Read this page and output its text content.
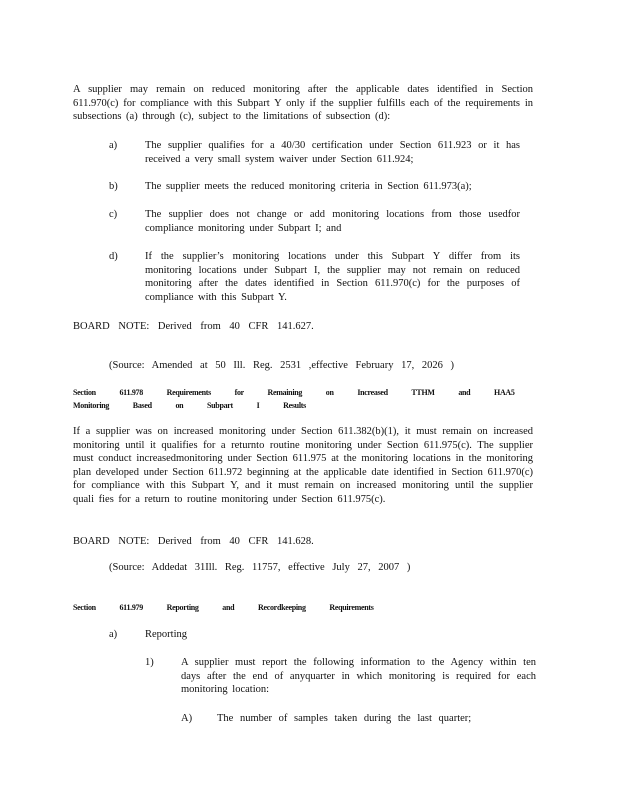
A supplier may remain on reduced monitoring after the applicable dates identified in Section 611.970(c) for compliance with this Subpart Y only if the supplier fulfills each of the requirements in subsections (a) through (c), subject to the limitations of subsection (d):

a)	The supplier qualifies for a 40/30 certification under Section 611.923 or it has received a very small system waiver under Section 611.924;

b)	The supplier meets the reduced monitoring criteria in Section 611.973(a);

c)	The supplier does not change or add monitoring locations from those usedfor compliance monitoring under Subpart I; and

d)	If the supplier’s monitoring locations under this Subpart Y differ from its monitoring locations under Subpart I, the supplier may not remain on reduced monitoring after the dates identified in Section 611.970(c) for the purposes of compliance with this Subpart Y.

BOARD NOTE: Derived from 40 CFR 141.627.

(Source: Amended at 50 Ill. Reg. 2531 ,effective February 17, 2026 )

Section 611.978 Requirements for Remaining on Increased TTHM and HAA5 Monitoring Based on Subpart I Results

If a supplier was on increased monitoring under Section 611.382(b)(1), it must remain on increased monitoring until it qualifies for a returnto routine monitoring under Section 611.975(c). The supplier must conduct increasedmonitoring under Section 611.975 at the monitoring locations in the monitoring plan developed under Section 611.972 beginning at the applicable date identified in Section 611.970(c) for compliance with this Subpart Y, and it must remain on increased monitoring until the supplier quali fies for a return to routine monitoring under Section 611.975(c).

BOARD NOTE: Derived from 40 CFR 141.628.

(Source: Addedat 31Ill. Reg. 11757, effective July 27, 2007 )

Section 611.979 Reporting and Recordkeeping Requirements

a)	Reporting
1)	A supplier must report the following information to the Agency within ten days after the end of anyquarter in which monitoring is required for each monitoring location:

A) The number of samples taken during the last quarter;
